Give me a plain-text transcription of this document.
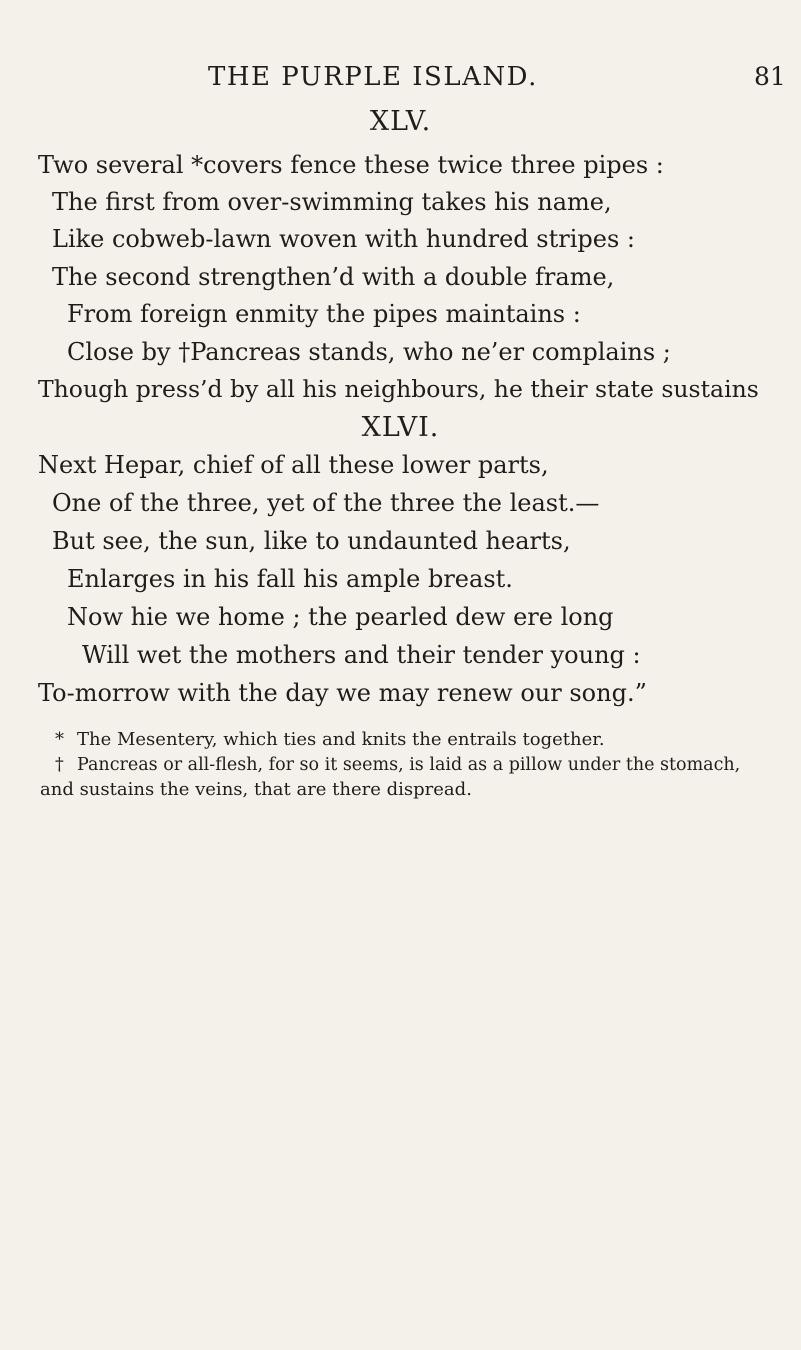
THE PURPLE ISLAND.	81
XLV.
Two several *covers fence these twice three pipes :
The first from over-swimming takes his name,
Like cobweb-lawn woven with hundred stripes :
The second strengthen’d with a double frame,
From foreign enmity the pipes maintains :
Close by †Pancreas stands, who ne’er complains ;
Though press’d by all his neighbours, he their state sustains
XLVI.
Next Hepar, chief of all these lower parts,
One of the three, yet of the three the least.—
But see, the sun, like to undaunted hearts,
Enlarges in his fall his ample breast.
Now hie we home ; the pearled dew ere long
Will wet the mothers and their tender young :
To-morrow with the day we may renew our song.”
* The Mesentery, which ties and knits the entrails together.
† Pancreas or all-flesh, for so it seems, is laid as a pillow under the stomach,
and sustains the veins, that are there dispread.
